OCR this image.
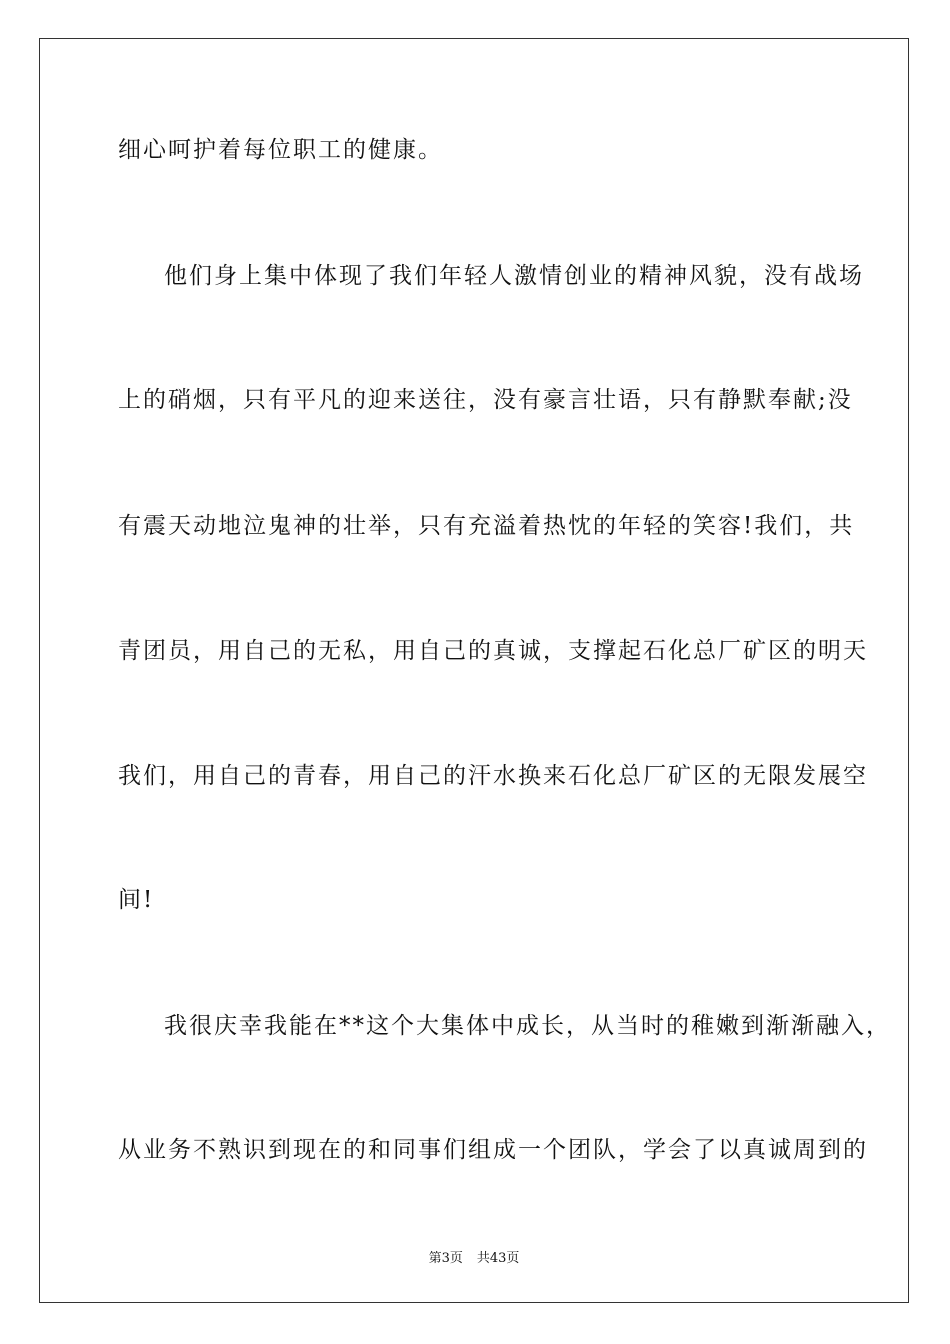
细心呵护着每位职工的健康。
他们身上集中体现了我们年轻人激情创业的精神风貌，没有战场
上的硝烟，只有平凡的迎来送往，没有豪言壮语，只有静默奉献;没
有震天动地泣鬼神的壮举，只有充溢着热忱的年轻的笑容!我们，共
青团员，用自己的无私，用自己的真诚，支撑起石化总厂矿区的明天
我们，用自己的青春，用自己的汗水换来石化总厂矿区的无限发展空
间!
我很庆幸我能在**这个大集体中成长，从当时的稚嫩到渐渐融入，
从业务不熟识到现在的和同事们组成一个团队，学会了以真诚周到的
第3页 共43页
